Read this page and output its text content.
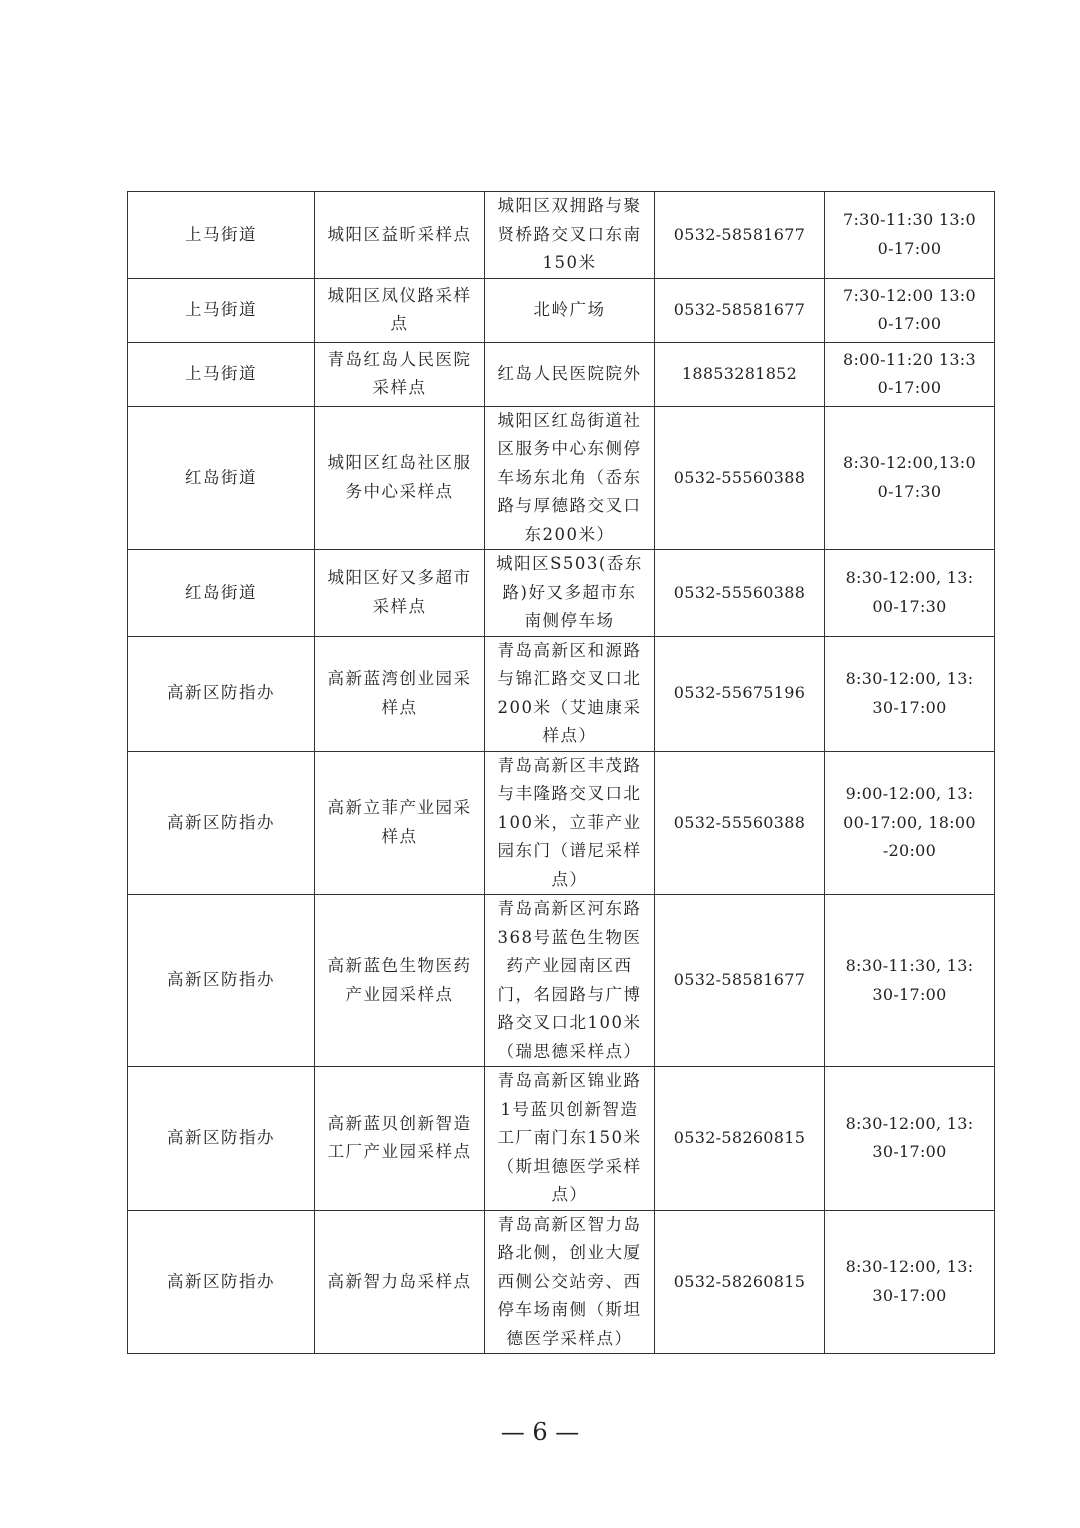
上马街道	城阳区益昕采样点	城阳区双拥路与聚贤桥路交叉口东南150米	0532-58581677	7:30-11:30 13:00-17:00
上马街道	城阳区凤仪路采样点	北岭广场	0532-58581677	7:30-12:00 13:00-17:00
上马街道	青岛红岛人民医院采样点	红岛人民医院院外	18853281852	8:00-11:20 13:30-17:00
红岛街道	城阳区红岛社区服务中心采样点	城阳区红岛街道社区服务中心东侧停车场东北角（岙东路与厚德路交叉口东200米）	0532-55560388	8:30-12:00,13:00-17:30
红岛街道	城阳区好又多超市采样点	城阳区S503(岙东路)好又多超市东南侧停车场	0532-55560388	8:30-12:00, 13:00-17:30
高新区防指办	高新蓝湾创业园采样点	青岛高新区和源路与锦汇路交叉口北200米（艾迪康采样点）	0532-55675196	8:30-12:00, 13:30-17:00
高新区防指办	高新立菲产业园采样点	青岛高新区丰茂路与丰隆路交叉口北100米，立菲产业园东门（谱尼采样点）	0532-55560388	9:00-12:00, 13:00-17:00, 18:00-20:00
高新区防指办	高新蓝色生物医药产业园采样点	青岛高新区河东路368号蓝色生物医药产业园南区西门，名园路与广博路交叉口北100米（瑞思德采样点）	0532-58581677	8:30-11:30, 13:30-17:00
高新区防指办	高新蓝贝创新智造工厂产业园采样点	青岛高新区锦业路1号蓝贝创新智造工厂南门东150米（斯坦德医学采样点）	0532-58260815	8:30-12:00, 13:30-17:00
高新区防指办	高新智力岛采样点	青岛高新区智力岛路北侧，创业大厦西侧公交站旁、西停车场南侧（斯坦德医学采样点）	0532-58260815	8:30-12:00, 13:30-17:00
— 6 —
